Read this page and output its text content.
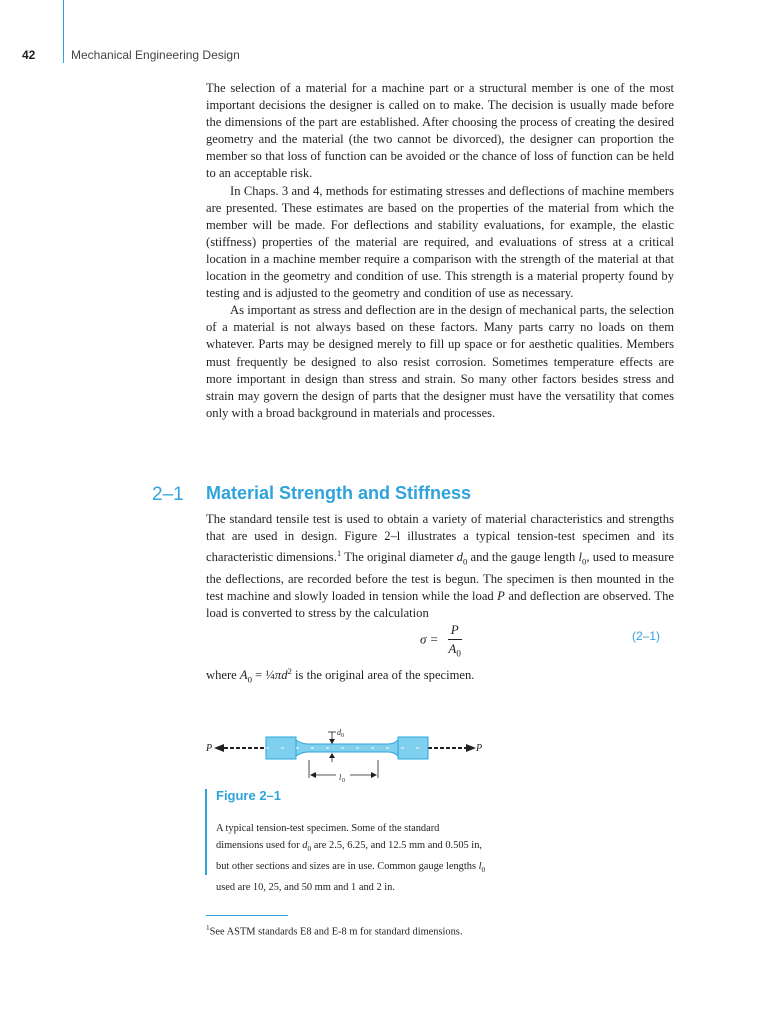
42	Mechanical Engineering Design

The selection of a material for a machine part or a structural member is one of the most important decisions the designer is called on to make. The decision is usually made before the dimensions of the part are established. After choosing the process of creating the desired geometry and the material (the two cannot be divorced), the designer can proportion the member so that loss of function can be avoided or the chance of loss of function can be held to an acceptable risk.

In Chaps. 3 and 4, methods for estimating stresses and deflections of machine members are presented. These estimates are based on the properties of the material from which the member will be made. For deflections and stability evaluations, for example, the elastic (stiffness) properties of the material are required, and evaluations of stress at a critical location in a machine member require a comparison with the strength of the material at that location in the geometry and condition of use. This strength is a material property found by testing and is adjusted to the geometry and condition of use as necessary.

As important as stress and deflection are in the design of mechanical parts, the selection of a material is not always based on these factors. Many parts carry no loads on them whatever. Parts may be designed merely to fill up space or for aesthetic qualities. Members must frequently be designed to also resist corrosion. Sometimes temperature effects are more important in design than stress and strain. So many other factors besides stress and strain may govern the design of parts that the designer must have the versatility that comes only with a broad background in materials and processes.

2–1 Material Strength and Stiffness

The standard tensile test is used to obtain a variety of material characteristics and strengths that are used in design. Figure 2–l illustrates a typical tension-test specimen and its characteristic dimensions.$^1$ The original diameter $d_0$ and the gauge length $l_0$, used to measure the deflections, are recorded before the test is begun. The specimen is then mounted in the test machine and slowly loaded in tension while the load P and deflection are observed. The load is converted to stress by the calculation

$\sigma = \frac{P}{A_0}$	(2–1)
where $A_0$ = $\frac{1}{4}\pi d^2$ is the original area of the specimen.
P	P
d 0
l 0
Figure 2–1
A typical tension-test specimen. Some of the standard dimensions used for $d_0$ are 2.5, 6.25, and 12.5 mm and 0.505 in, but other sections and sizes are in use. Common gauge lengths $l_0$ used are 10, 25, and 50 mm and 1 and 2 in.
$^1$See ASTM standards E8 and E-8 m for standard dimensions.
